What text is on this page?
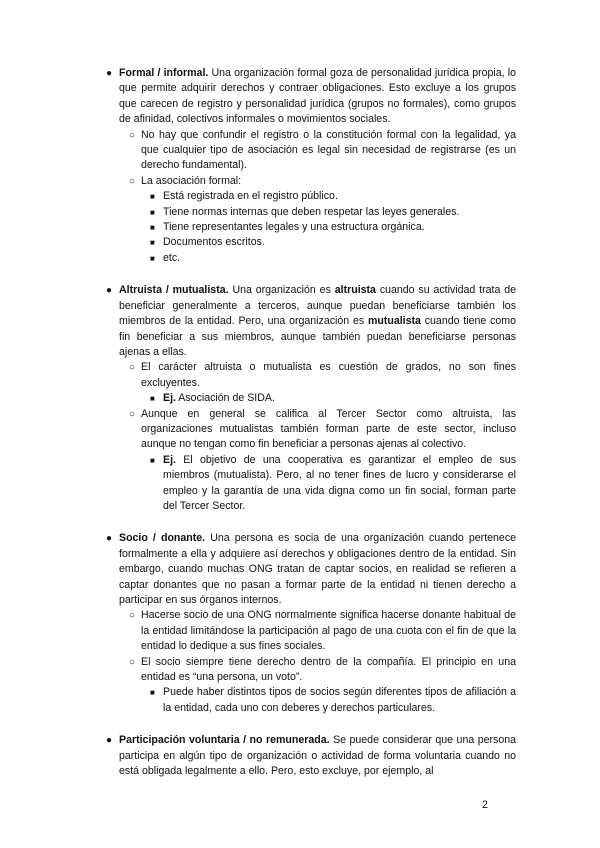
● Formal / informal. Una organización formal goza de personalidad jurídica propia, lo que permite adquirir derechos y contraer obligaciones. Esto excluye a los grupos que carecen de registro y personalidad jurídica (grupos no formales), como grupos de afinidad, colectivos informales o movimientos sociales.
○ No hay que confundir el registro o la constitución formal con la legalidad, ya que cualquier tipo de asociación es legal sin necesidad de registrarse (es un derecho fundamental).
○ La asociación formal:
■ Está registrada en el registro público.
■ Tiene normas internas que deben respetar las leyes generales.
■ Tiene representantes legales y una estructura orgánica.
■ Documentos escritos.
■ etc.
● Altruista / mutualista. Una organización es altruista cuando su actividad trata de beneficiar generalmente a terceros, aunque puedan beneficiarse también los miembros de la entidad. Pero, una organización es mutualista cuando tiene como fin beneficiar a sus miembros, aunque también puedan beneficiarse personas ajenas a ellas.
○ El carácter altruista o mutualista es cuestión de grados, no son fines excluyentes.
■ Ej. Asociación de SIDA.
○ Aunque en general se califica al Tercer Sector como altruista, las organizaciones mutualistas también forman parte de este sector, incluso aunque no tengan como fin beneficiar a personas ajenas al colectivo.
■ Ej. El objetivo de una cooperativa es garantizar el empleo de sus miembros (mutualista). Pero, al no tener fines de lucro y considerarse el empleo y la garantía de una vida digna como un fin social, forman parte del Tercer Sector.
● Socio / donante. Una persona es socia de una organización cuando pertenece formalmente a ella y adquiere así derechos y obligaciones dentro de la entidad. Sin embargo, cuando muchas ONG tratan de captar socios, en realidad se refieren a captar donantes que no pasan a formar parte de la entidad ni tienen derecho a participar en sus órganos internos.
○ Hacerse socio de una ONG normalmente significa hacerse donante habitual de la entidad limitándose la participación al pago de una cuota con el fin de que la entidad lo dedique a sus fines sociales.
○ El socio siempre tiene derecho dentro de la compañía. El principio en una entidad es “una persona, un voto”.
■ Puede haber distintos tipos de socios según diferentes tipos de afiliación a la entidad, cada uno con deberes y derechos particulares.
● Participación voluntaria / no remunerada. Se puede considerar que una persona participa en algún tipo de organización o actividad de forma voluntaria cuando no está obligada legalmente a ello. Pero, esto excluye, por ejemplo, al
2
